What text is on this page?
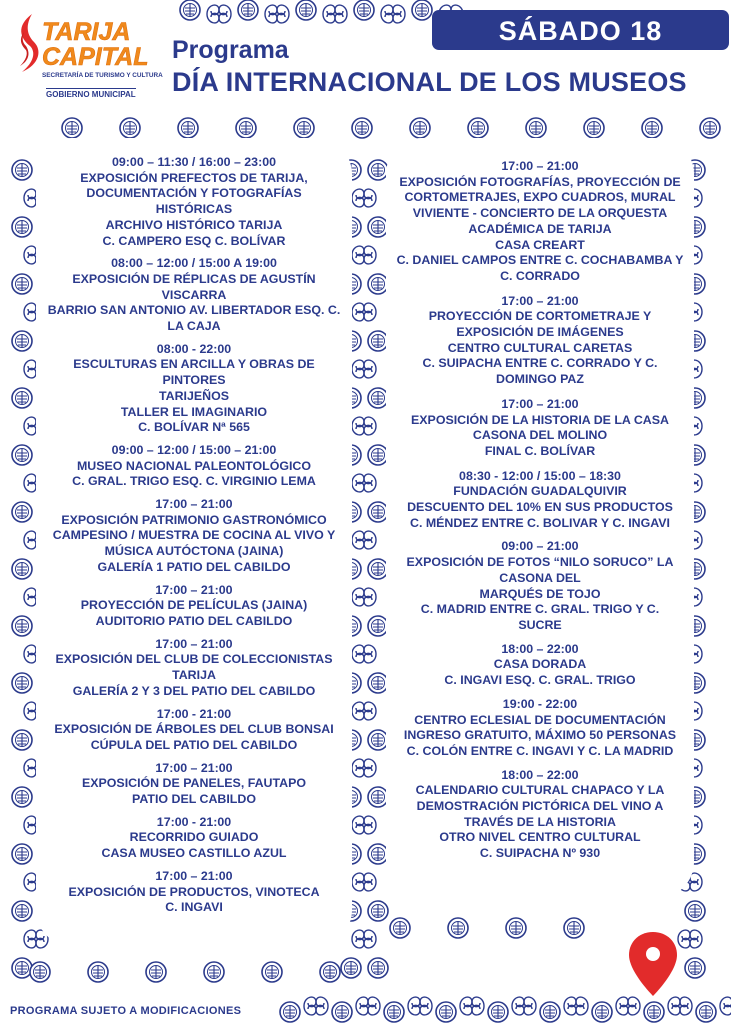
TARIJA
CAPITAL
SECRETARÍA DE TURISMO Y CULTURA
GOBIERNO MUNICIPAL
Programa
DÍA INTERNACIONAL DE LOS MUSEOS
SÁBADO 18
09:00 – 11:30 / 16:00 – 23:00
EXPOSICIÓN PREFECTOS DE TARIJA,
DOCUMENTACIÓN Y FOTOGRAFÍAS
HISTÓRICAS
ARCHIVO HISTÓRICO TARIJA
C. CAMPERO ESQ C. BOLÍVAR
08:00 – 12:00 / 15:00 A 19:00
EXPOSICIÓN DE RÉPLICAS DE AGUSTÍN
VISCARRA
BARRIO SAN ANTONIO AV. LIBERTADOR ESQ. C.
LA CAJA
08:00 - 22:00
ESCULTURAS EN ARCILLA Y OBRAS DE
PINTORES
TARIJEÑOS
TALLER EL IMAGINARIO
C. BOLÍVAR Nª 565
09:00 – 12:00 / 15:00 – 21:00
MUSEO NACIONAL PALEONTOLÓGICO
C. GRAL. TRIGO ESQ. C. VIRGINIO LEMA
17:00 – 21:00
EXPOSICIÓN PATRIMONIO GASTRONÓMICO
CAMPESINO / MUESTRA DE COCINA AL VIVO Y
MÚSICA AUTÓCTONA (JAINA)
GALERÍA 1 PATIO DEL CABILDO
17:00 – 21:00
PROYECCIÓN DE PELÍCULAS (JAINA)
AUDITORIO PATIO DEL CABILDO
17:00 – 21:00
EXPOSICIÓN DEL CLUB DE COLECCIONISTAS
TARIJA
GALERÍA 2 Y 3 DEL PATIO DEL CABILDO
17:00 - 21:00
EXPOSICIÓN DE ÁRBOLES DEL CLUB BONSAI
CÚPULA DEL PATIO DEL CABILDO
17:00 – 21:00
EXPOSICIÓN DE PANELES, FAUTAPO
PATIO DEL CABILDO
17:00 - 21:00
RECORRIDO GUIADO
CASA MUSEO CASTILLO AZUL
17:00 – 21:00
EXPOSICIÓN DE PRODUCTOS, VINOTECA
C. INGAVI
17:00 – 21:00
EXPOSICIÓN FOTOGRAFÍAS, PROYECCIÓN DE
CORTOMETRAJES, EXPO CUADROS, MURAL
VIVIENTE - CONCIERTO DE LA ORQUESTA
ACADÉMICA DE TARIJA
CASA CREART
C. DANIEL CAMPOS ENTRE C. COCHABAMBA Y
C. CORRADO
17:00 – 21:00
PROYECCIÓN DE CORTOMETRAJE Y
EXPOSICIÓN DE IMÁGENES
CENTRO CULTURAL CARETAS
C. SUIPACHA ENTRE C. CORRADO Y C.
DOMINGO PAZ
17:00 – 21:00
EXPOSICIÓN DE LA HISTORIA DE LA CASA
CASONA DEL MOLINO
FINAL C. BOLÍVAR
08:30 - 12:00 / 15:00 – 18:30
FUNDACIÓN GUADALQUIVIR
DESCUENTO DEL 10% EN SUS PRODUCTOS
C. MÉNDEZ ENTRE C. BOLIVAR Y C. INGAVI
09:00 – 21:00
EXPOSICIÓN DE FOTOS “NILO SORUCO” LA
CASONA DEL
MARQUÉS DE TOJO
C. MADRID ENTRE C. GRAL. TRIGO Y C.
SUCRE
18:00 – 22:00
CASA DORADA
C. INGAVI ESQ. C. GRAL. TRIGO
19:00 - 22:00
CENTRO ECLESIAL DE DOCUMENTACIÓN
INGRESO GRATUITO, MÁXIMO 50 PERSONAS
C. COLÓN ENTRE C. INGAVI Y C. LA MADRID
18:00 – 22:00
CALENDARIO CULTURAL CHAPACO Y LA
DEMOSTRACIÓN PICTÓRICA DEL VINO A
TRAVÉS DE LA HISTORIA
OTRO NIVEL CENTRO CULTURAL
C. SUIPACHA Nº 930
PROGRAMA SUJETO A MODIFICACIONES
